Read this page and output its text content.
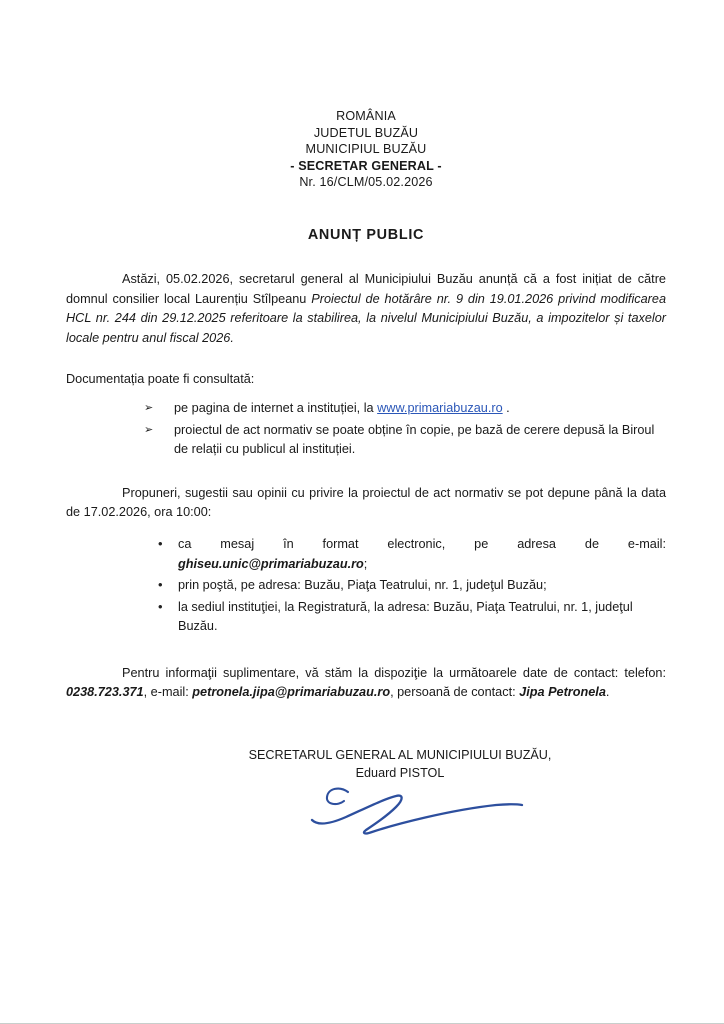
ROMÂNIA
JUDETUL BUZĂU
MUNICIPIUL BUZĂU
- SECRETAR GENERAL -
Nr. 16/CLM/05.02.2026
ANUNȚ PUBLIC
Astăzi, 05.02.2026, secretarul general al Municipiului Buzău anunță că a fost inițiat de către domnul consilier local Laurențiu Stîlpeanu Proiectul de hotărâre nr. 9 din 19.01.2026 privind modificarea HCL nr. 244 din 29.12.2025 referitoare la stabilirea, la nivelul Municipiului Buzău, a impozitelor și taxelor locale pentru anul fiscal 2026.
Documentația poate fi consultată:
➢ pe pagina de internet a instituției, la www.primariabuzau.ro .
➢ proiectul de act normativ se poate obține în copie, pe bază de cerere depusă la Biroul de relații cu publicul al instituției.
Propuneri, sugestii sau opinii cu privire la proiectul de act normativ se pot depune până la data de 17.02.2026, ora 10:00:
• ca mesaj în format electronic, pe adresa de e-mail:
ghiseu.unic@primariabuzau.ro;
• prin poştă, pe adresa: Buzău, Piaţa Teatrului, nr. 1, judeţul Buzău;
• la sediul instituţiei, la Registratură, la adresa: Buzău, Piaţa Teatrului, nr. 1, judeţul Buzău.
Pentru informaţii suplimentare, vă stăm la dispoziţie la următoarele date de contact: telefon: 0238.723.371, e-mail: petronela.jipa@primariabuzau.ro, persoană de contact: Jipa Petronela.
SECRETARUL GENERAL AL MUNICIPIULUI BUZĂU,
Eduard PISTOL
